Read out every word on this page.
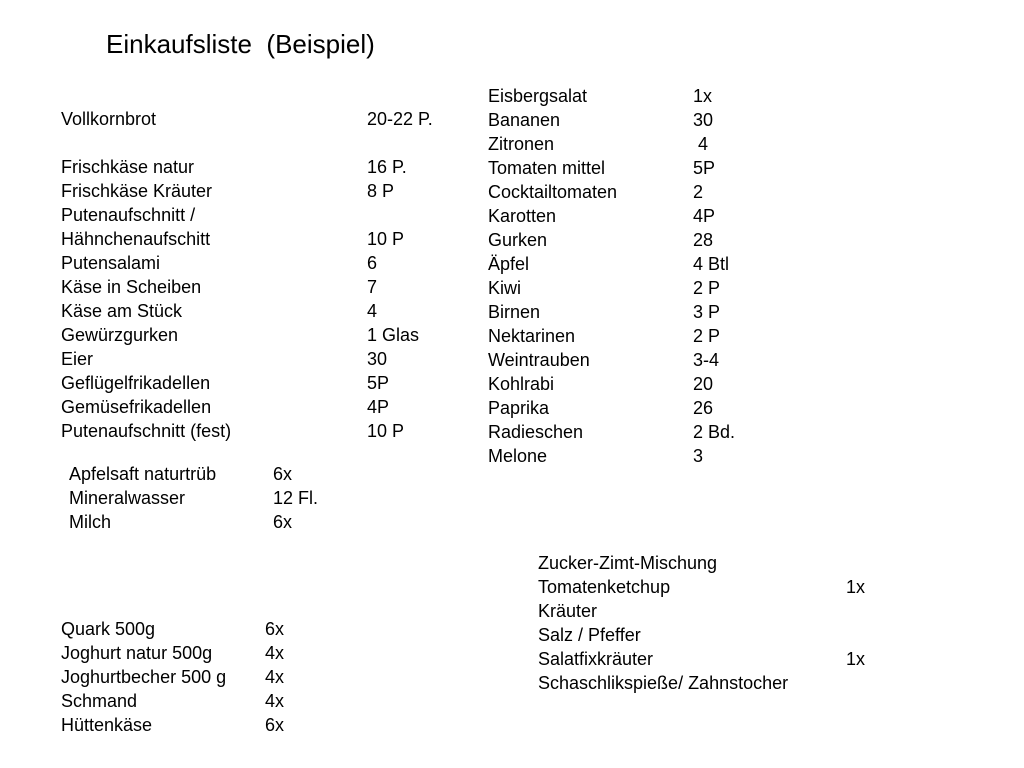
Einkaufsliste  (Beispiel)
Vollkornbrot	20-22 P.
Frischkäse natur	16 P.
Frischkäse Kräuter	8 P
Putenaufschnitt /
Hähnchenaufschitt	10 P
Putensalami	6
Käse in Scheiben	7
Käse am Stück	4
Gewürzgurken	1 Glas
Eier	30
Geflügelfrikadellen	5P
Gemüsefrikadellen	4P
Putenaufschnitt (fest)	10 P
Apfelsaft naturtrüb	6x
Mineralwasser	12 Fl.
Milch	6x
Quark 500g	6x
Joghurt natur 500g	4x
Joghurtbecher 500 g 4x
Schmand	4x
Hüttenkäse	6x
Eisbergsalat	1x
Bananen	30
Zitronen	4
Tomaten mittel	5P
Cocktailtomaten	2
Karotten	4P
Gurken	28
Äpfel	4 Btl
Kiwi	2 P
Birnen	3 P
Nektarinen	2 P
Weintrauben	3-4
Kohlrabi	20
Paprika	26
Radieschen	2 Bd.
Melone	3
Zucker-Zimt-Mischung
Tomatenketchup	1x
Kräuter
Salz / Pfeffer
Salatfixkräuter	1x
Schaschlikspieße/ Zahnstocher
